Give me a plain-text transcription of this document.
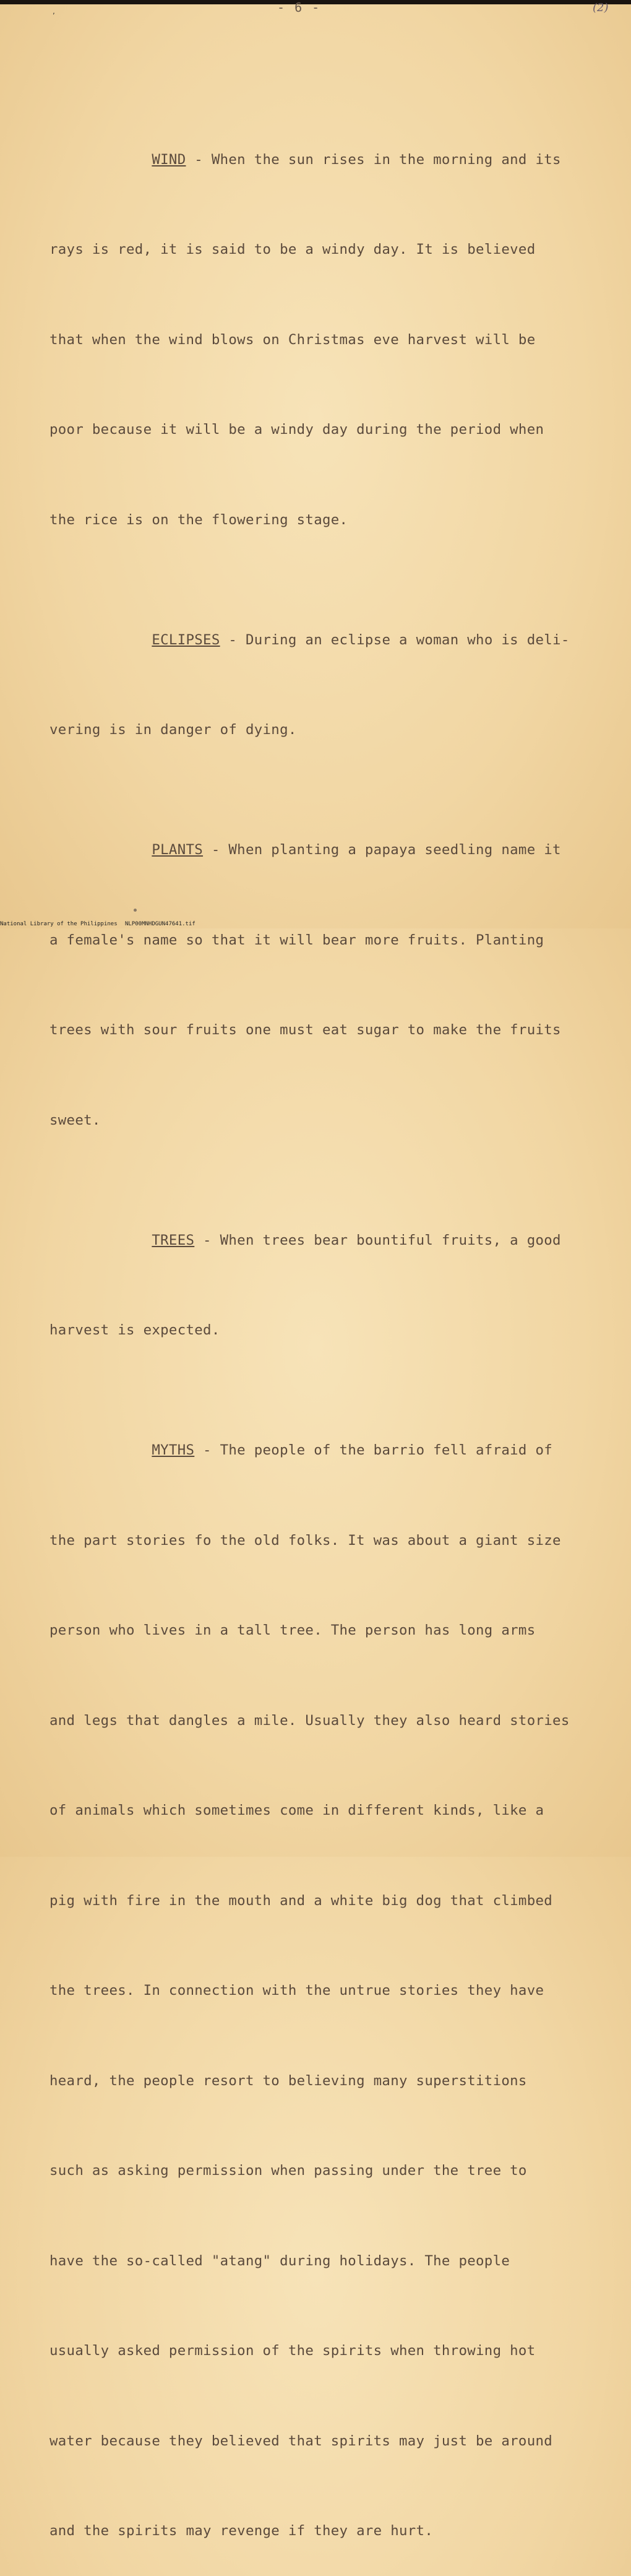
,	- 6 -	(2)

WIND - When the sun rises in the morning and its

rays is red, it is said to be a windy day. It is believed

that when the wind blows on Christmas eve harvest will be

poor because it will be a windy day during the period when

the rice is on the flowering stage.

ECLIPSES - During an eclipse a woman who is deli-

vering is in danger of dying.

PLANTS - When planting a papaya seedling name it

a female's name so that it will bear more fruits. Planting

trees with sour fruits one must eat sugar to make the fruits

sweet.

TREES - When trees bear bountiful fruits, a good

harvest is expected.

MYTHS - The people of the barrio fell afraid of

the part stories fo the old folks. It was about a giant size

person who lives in a tall tree. The person has long arms

and legs that dangles a mile. Usually they also heard stories

of animals which sometimes come in different kinds, like a

pig with fire in the mouth and a white big dog that climbed

the trees. In connection with the untrue stories they have

heard, the people resort to believing many superstitions

such as asking permission when passing under the tree to

have the so-called "atang" during holidays. The people

usually asked permission of the spirits when throwing hot

water because they believed that spirits may just be around

and the spirits may revenge if they are hurt.

National Library of the Philippines NLP00MNHDGUN47641.tif
